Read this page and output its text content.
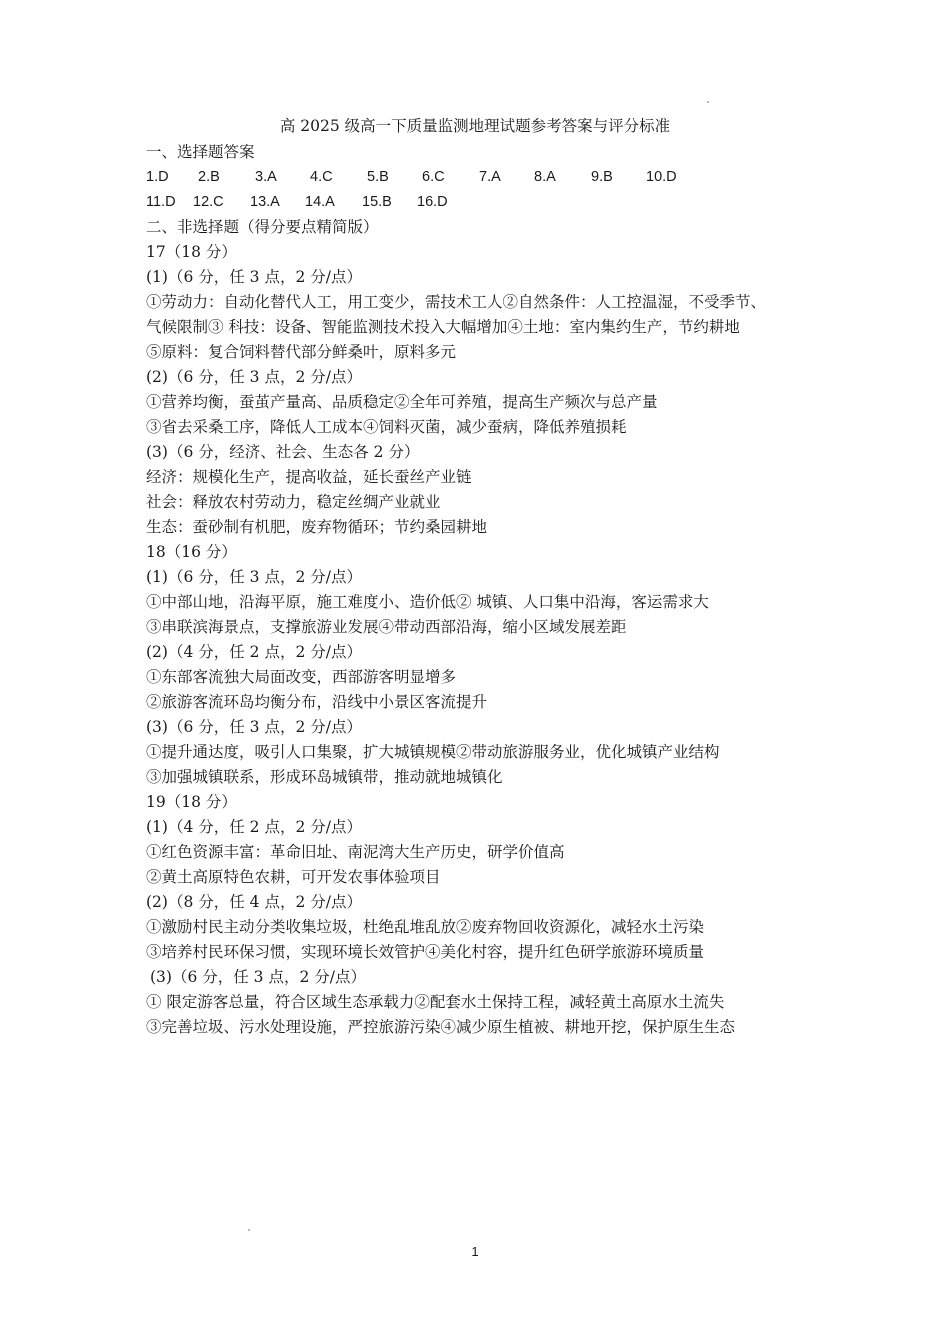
高 2025 级高一下质量监测地理试题参考答案与评分标准
一、选择题答案
1.D	2.B	3.A	4.C	5.B	6.C	7.A	8.A	9.B	10.D
11.D	12.C	13.A	14.A	15.B	16.D
二、非选择题（得分要点精简版）
17（18 分）
(1)（6 分，任 3 点，2 分/点）
①劳动力：自动化替代人工，用工变少，需技术工人②自然条件：人工控温湿，不受季节、
气候限制③ 科技：设备、智能监测技术投入大幅增加④土地：室内集约生产，节约耕地
⑤原料：复合饲料替代部分鲜桑叶，原料多元
(2)（6 分，任 3 点，2 分/点）
①营养均衡，蚕茧产量高、品质稳定②全年可养殖，提高生产频次与总产量
③省去采桑工序，降低人工成本④饲料灭菌，减少蚕病，降低养殖损耗
(3)（6 分，经济、社会、生态各 2 分）
经济：规模化生产，提高收益，延长蚕丝产业链
社会：释放农村劳动力，稳定丝绸产业就业
生态：蚕砂制有机肥，废弃物循环；节约桑园耕地
18（16 分）
(1)（6 分，任 3 点，2 分/点）
①中部山地，沿海平原，施工难度小、造价低② 城镇、人口集中沿海，客运需求大
③串联滨海景点，支撑旅游业发展④带动西部沿海，缩小区域发展差距
(2)（4 分，任 2 点，2 分/点）
①东部客流独大局面改变，西部游客明显增多
②旅游客流环岛均衡分布，沿线中小景区客流提升
(3)（6 分，任 3 点，2 分/点）
①提升通达度，吸引人口集聚，扩大城镇规模②带动旅游服务业，优化城镇产业结构
③加强城镇联系，形成环岛城镇带，推动就地城镇化
19（18 分）
(1)（4 分，任 2 点，2 分/点）
①红色资源丰富：革命旧址、南泥湾大生产历史，研学价值高
②黄土高原特色农耕，可开发农事体验项目
(2)（8 分，任 4 点，2 分/点）
①激励村民主动分类收集垃圾，杜绝乱堆乱放②废弃物回收资源化，减轻水土污染
③培养村民环保习惯，实现环境长效管护④美化村容，提升红色研学旅游环境质量
(3)（6 分，任 3 点，2 分/点）
① 限定游客总量，符合区域生态承载力②配套水土保持工程，减轻黄土高原水土流失
③完善垃圾、污水处理设施，严控旅游污染④减少原生植被、耕地开挖，保护原生生态
1
